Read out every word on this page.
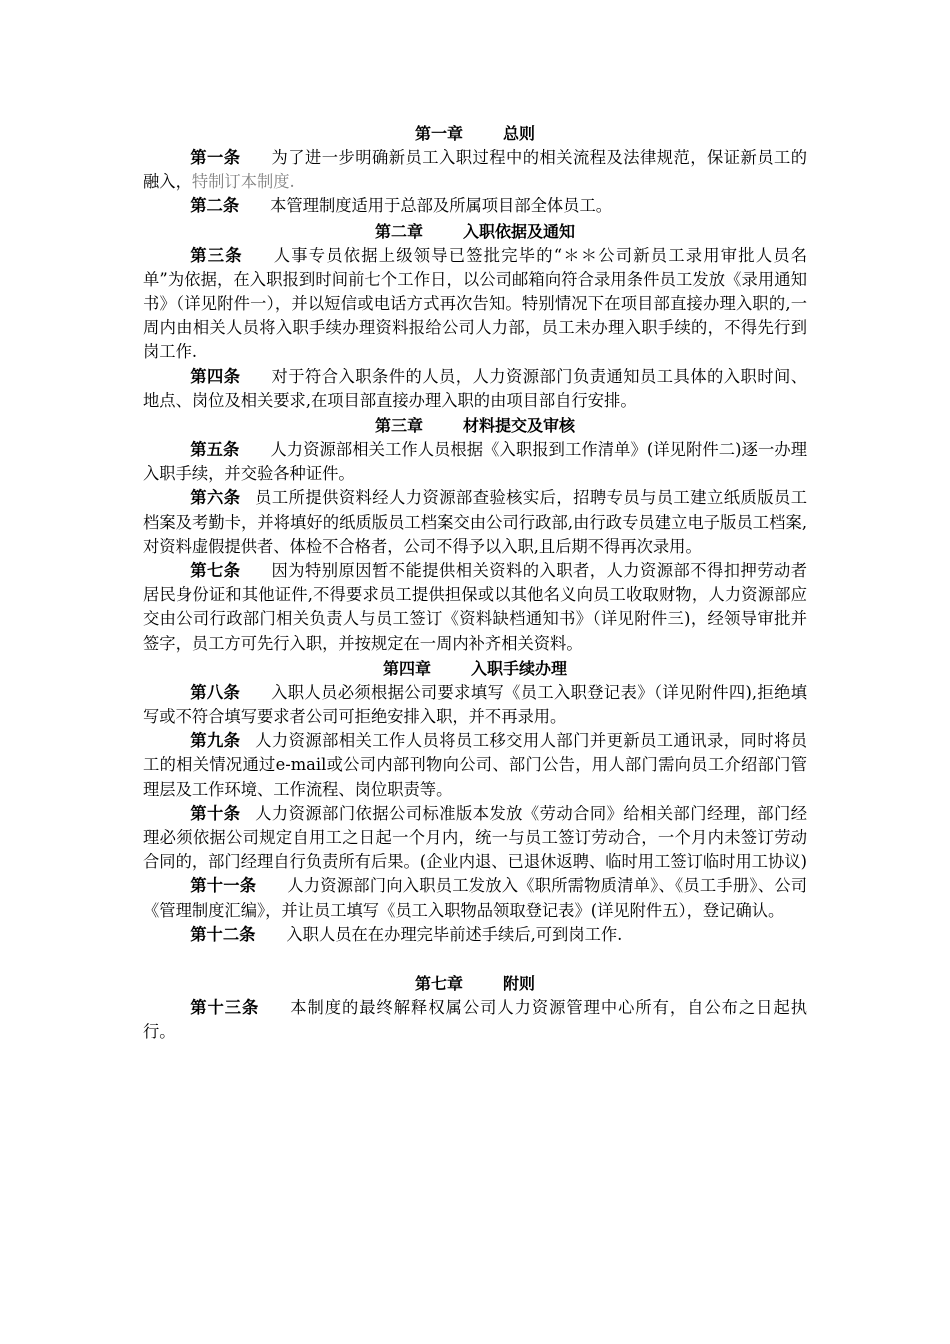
第一章	总则

第一条 为了进一步明确新员工入职过程中的相关流程及法律规范，保证新员工的融入，特制订本制度.

第二条 本管理制度适用于总部及所属项目部全体员工。

第二章	入职依据及通知

第三条 人事专员依据上级领导已签批完毕的“＊＊公司新员工录用审批人员名单”为依据，在入职报到时间前七个工作日，以公司邮箱向符合录用条件员工发放《录用通知书》（详见附件一），并以短信或电话方式再次告知。特别情况下在项目部直接办理入职的,一周内由相关人员将入职手续办理资料报给公司人力部，员工未办理入职手续的，不得先行到岗工作.

第四条 对于符合入职条件的人员，人力资源部门负责通知员工具体的入职时间、地点、岗位及相关要求,在项目部直接办理入职的由项目部自行安排。

第三章	材料提交及审核

第五条 人力资源部相关工作人员根据《入职报到工作清单》(详见附件二)逐一办理入职手续，并交验各种证件。

第六条 员工所提供资料经人力资源部查验核实后，招聘专员与员工建立纸质版员工档案及考勤卡，并将填好的纸质版员工档案交由公司行政部,由行政专员建立电子版员工档案,对资料虚假提供者、体检不合格者，公司不得予以入职,且后期不得再次录用。

第七条 因为特别原因暂不能提供相关资料的入职者，人力资源部不得扣押劳动者居民身份证和其他证件,不得要求员工提供担保或以其他名义向员工收取财物，人力资源部应交由公司行政部门相关负责人与员工签订《资料缺档通知书》（详见附件三)，经领导审批并签字，员工方可先行入职，并按规定在一周内补齐相关资料。

第四章	入职手续办理

第八条 入职人员必须根据公司要求填写《员工入职登记表》（详见附件四),拒绝填写或不符合填写要求者公司可拒绝安排入职，并不再录用。

第九条 人力资源部相关工作人员将员工移交用人部门并更新员工通讯录，同时将员工的相关情况通过e-mail或公司内部刊物向公司、部门公告，用人部门需向员工介绍部门管理层及工作环境、工作流程、岗位职责等。

第十条 人力资源部门依据公司标准版本发放《劳动合同》给相关部门经理，部门经理必须依据公司规定自用工之日起一个月内，统一与员工签订劳动合，一个月内未签订劳动合同的，部门经理自行负责所有后果。(企业内退、已退休返聘、临时用工签订临时用工协议)

第十一条 人力资源部门向入职员工发放入《职所需物质清单》、《员工手册》、公司《管理制度汇编》，并让员工填写《员工入职物品领取登记表》(详见附件五），登记确认。

第十二条 入职人员在在办理完毕前述手续后,可到岗工作.

第七章	附则

第十三条 本制度的最终解释权属公司人力资源管理中心所有，自公布之日起执行。
